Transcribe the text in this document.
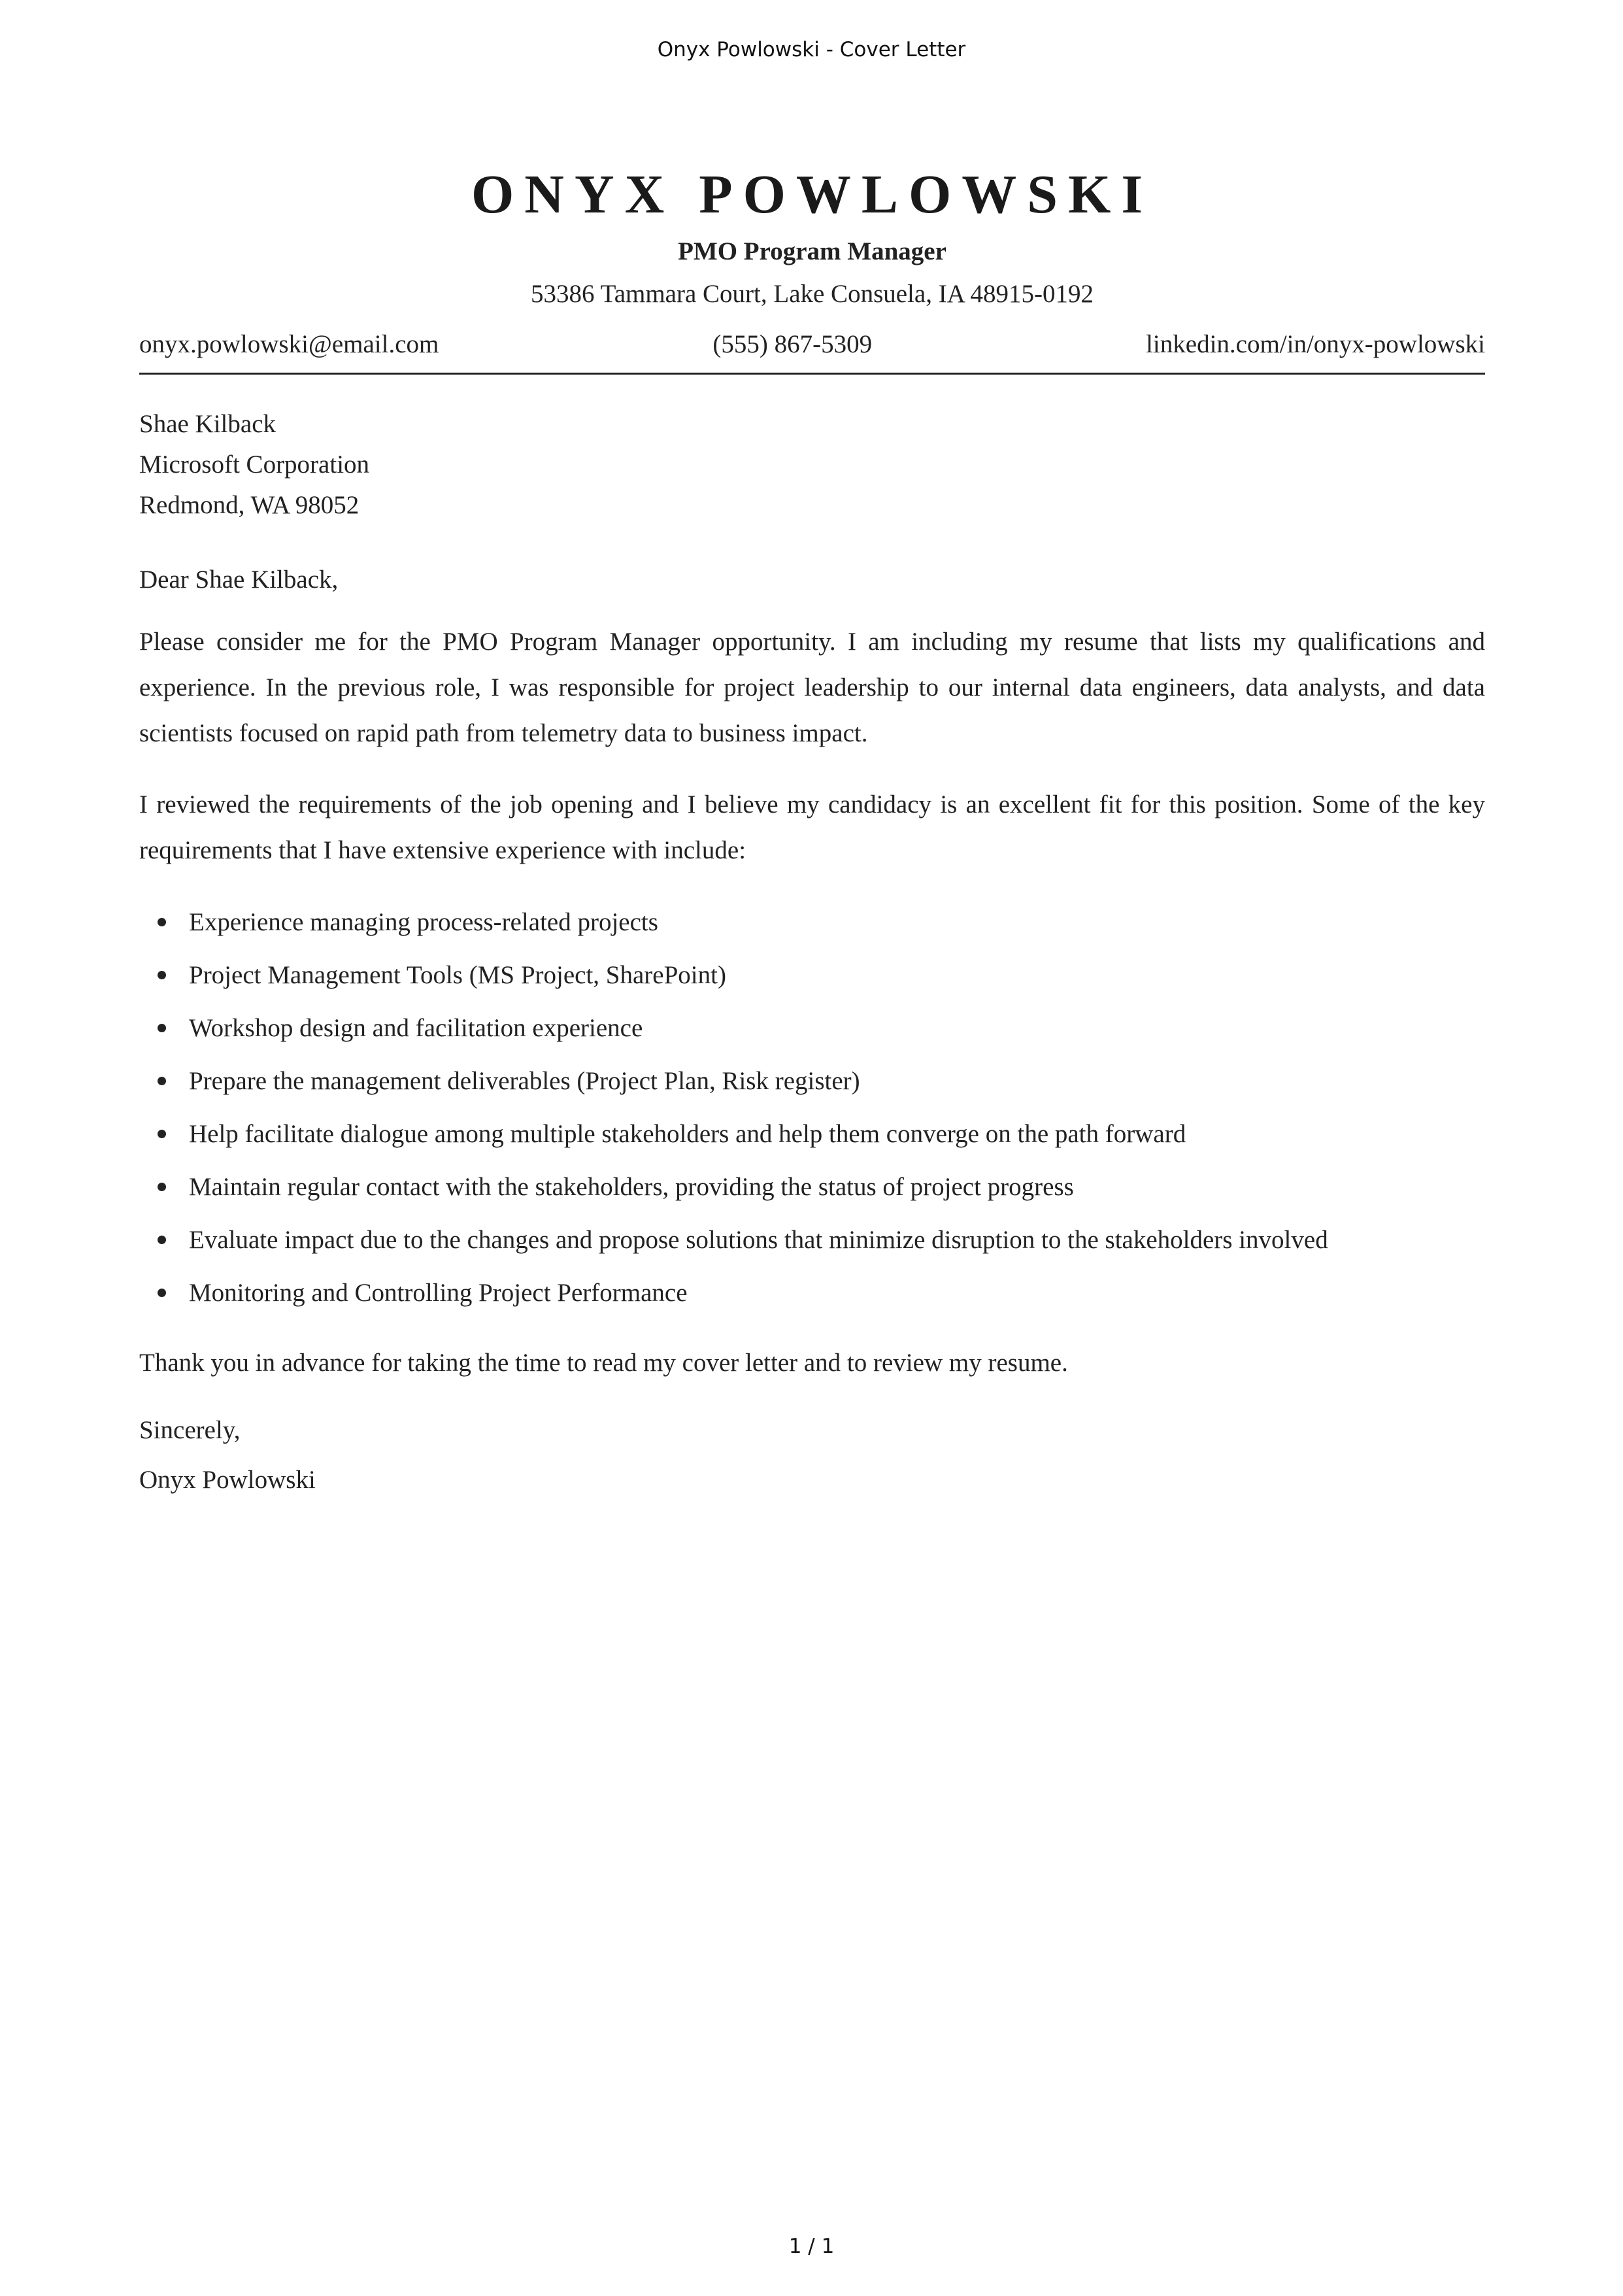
Onyx Powlowski - Cover Letter
ONYX POWLOWSKI
PMO Program Manager
53386 Tammara Court, Lake Consuela, IA 48915-0192
onyx.powlowski@email.com	(555) 867-5309	linkedin.com/in/onyx-powlowski
Shae Kilback
Microsoft Corporation
Redmond, WA 98052
Dear Shae Kilback,

Please consider me for the PMO Program Manager opportunity. I am including my resume that lists my qualifications and experience. In the previous role, I was responsible for project leadership to our internal data engineers, data analysts, and data scientists focused on rapid path from telemetry data to business impact.

I reviewed the requirements of the job opening and I believe my candidacy is an excellent fit for this position. Some of the key requirements that I have extensive experience with include:

Experience managing process-related projects
Project Management Tools (MS Project, SharePoint)
Workshop design and facilitation experience
Prepare the management deliverables (Project Plan, Risk register)
Help facilitate dialogue among multiple stakeholders and help them converge on the path forward
Maintain regular contact with the stakeholders, providing the status of project progress
Evaluate impact due to the changes and propose solutions that minimize disruption to the stakeholders involved
Monitoring and Controlling Project Performance
Thank you in advance for taking the time to read my cover letter and to review my resume.
Sincerely,
Onyx Powlowski
1 / 1
